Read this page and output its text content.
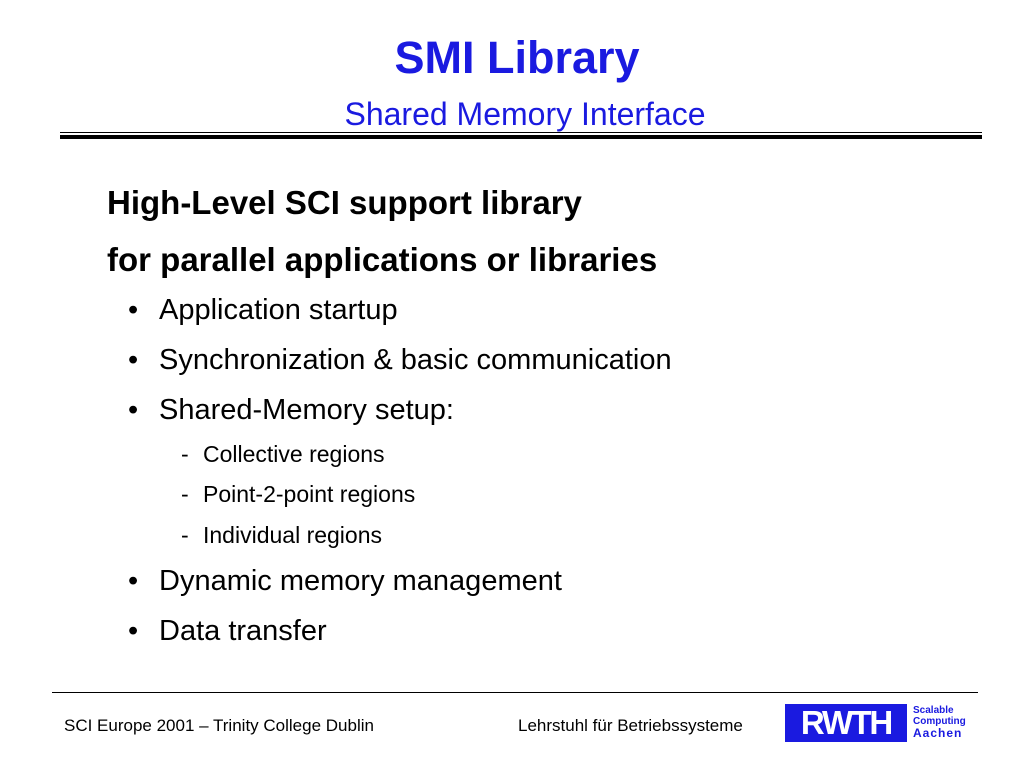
SMI Library
Shared Memory Interface
High-Level SCI support library
for parallel applications or libraries
• Application startup
• Synchronization & basic communication
• Shared-Memory setup:
- Collective regions
- Point-2-point regions
- Individual regions
• Dynamic memory management
• Data transfer
SCI Europe 2001 – Trinity College Dublin	Lehrstuhl für Betriebssysteme	RWTH	Scalable
Computing
Aachen
